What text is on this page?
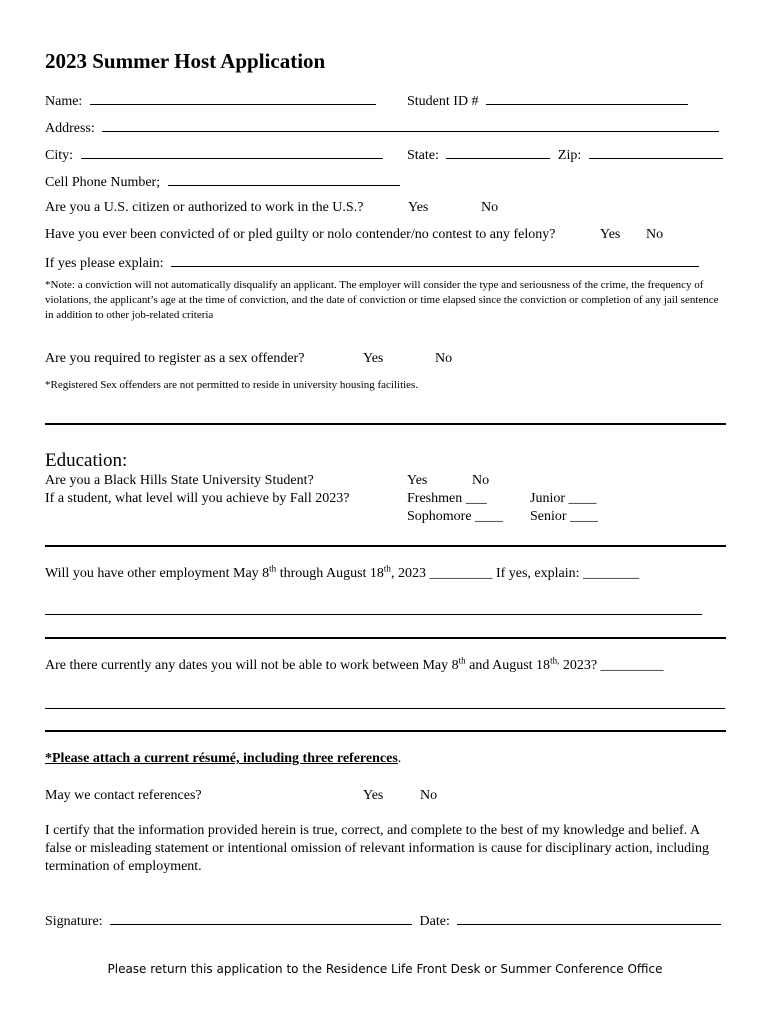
2023 Summer Host Application
Name:	Student ID #
Address:
City:	State:	Zip:
Cell Phone Number;
Are you a U.S. citizen or authorized to work in the U.S.?	Yes	No
Have you ever been convicted of or pled guilty or nolo contender/no contest to any felony?	Yes No
If yes please explain:
*Note: a conviction will not automatically disqualify an applicant. The employer will consider the type and seriousness of the crime, the frequency of violations, the applicant’s age at the time of conviction, and the date of conviction or time elapsed since the conviction or completion of any jail sentence in addition to other job-related criteria
Are you required to register as a sex offender?	Yes	No
*Registered Sex offenders are not permitted to reside in university housing facilities.
Education:
Are you a Black Hills State University Student?	Yes	No
If a student, what level will you achieve by Fall 2023?	Freshmen ___	Junior ____
Sophomore ____ Senior ____
Will you have other employment May 8th through August 18th, 2023 _________ If yes, explain: ________
Are there currently any dates you will not be able to work between May 8th and August $18^{th,}$ 2023? _________
*Please attach a current résumé, including three references.
May we contact references?	Yes	No
I certify that the information provided herein is true, correct, and complete to the best of my knowledge and belief. A false or misleading statement or intentional omission of relevant information is cause for disciplinary action, including termination of employment.
Signature:	Date:
Please return this application to the Residence Life Front Desk or Summer Conference Office
